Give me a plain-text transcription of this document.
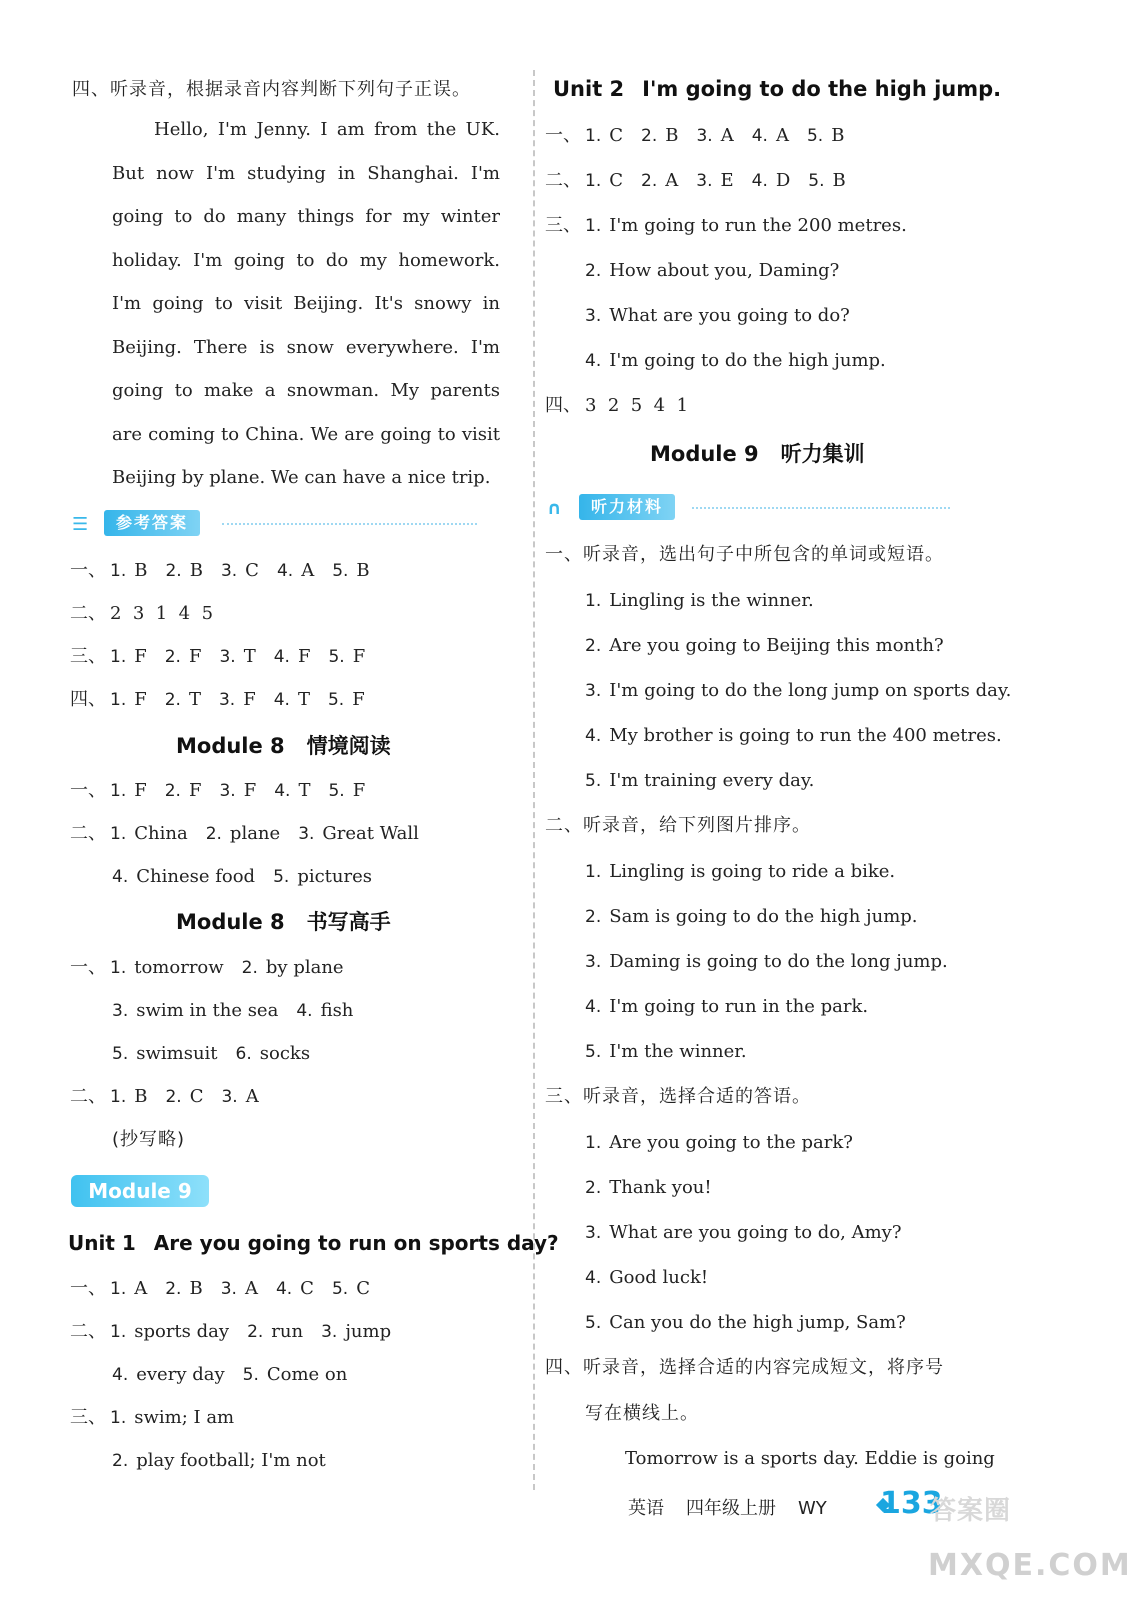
四、听录音，根据录音内容判断下列句子正误。
Hello, I'm Jenny. I am from the UK. But now I'm studying in Shanghai. I'm going to do many things for my winter holiday. I'm going to do my homework. I'm going to visit Beijing. It's snowy in Beijing. There is snow everywhere. I'm going to make a snowman. My parents are coming to China. We are going to visit Beijing by plane. We can have a nice trip.
☰	参考答案
一、 1. B 2. B 3. C 4. A 5. B
二、 2  3  1  4  5
三、 1. F 2. F 3. T 4. F 5. F
四、 1. F 2. T 3. F 4. T 5. F
Module 8 情境阅读
一、 1. F 2. F 3. F 4. T 5. F
二、 1. China 2. plane 3. Great Wall
4. Chinese food 5. pictures
Module 8 书写高手
一、 1. tomorrow 2. by plane
3. swim in the sea 4. fish
5. swimsuit 6. socks
二、 1. B 2. C 3. A
(抄写略)
Module 9
Unit 1 Are you going to run on sports day?
一、 1. A 2. B 3. A 4. C 5. C
二、 1. sports day 2. run 3. jump
4. every day 5. Come on
三、 1. swim; I am
2. play football; I'm not
Unit 2 I'm going to do the high jump.
一、 1. C 2. B 3. A 4. A 5. B
二、 1. C 2. A 3. E 4. D 5. B
三、 1. I'm going to run the 200 metres.
2. How about you, Daming?
3. What are you going to do?
4. I'm going to do the high jump.
四、 3  2  5  4  1
Module 9 听力集训
∩	听力材料
一、听录音，选出句子中所包含的单词或短语。
1. Lingling is the winner.
2. Are you going to Beijing this month?
3. I'm going to do the long jump on sports day.
4. My brother is going to run the 400 metres.
5. I'm training every day.
二、听录音，给下列图片排序。
1. Lingling is going to ride a bike.
2. Sam is going to do the high jump.
3. Daming is going to do the long jump.
4. I'm going to run in the park.
5. I'm the winner.
三、听录音，选择合适的答语。
1. Are you going to the park?
2. Thank you!
3. What are you going to do, Amy?
4. Good luck!
5. Can you do the high jump, Sam?
四、听录音，选择合适的内容完成短文，将序号
写在横线上。
Tomorrow is a sports day. Eddie is going
英语 四年级上册 WY	133
答案圈
MXQE.COM
